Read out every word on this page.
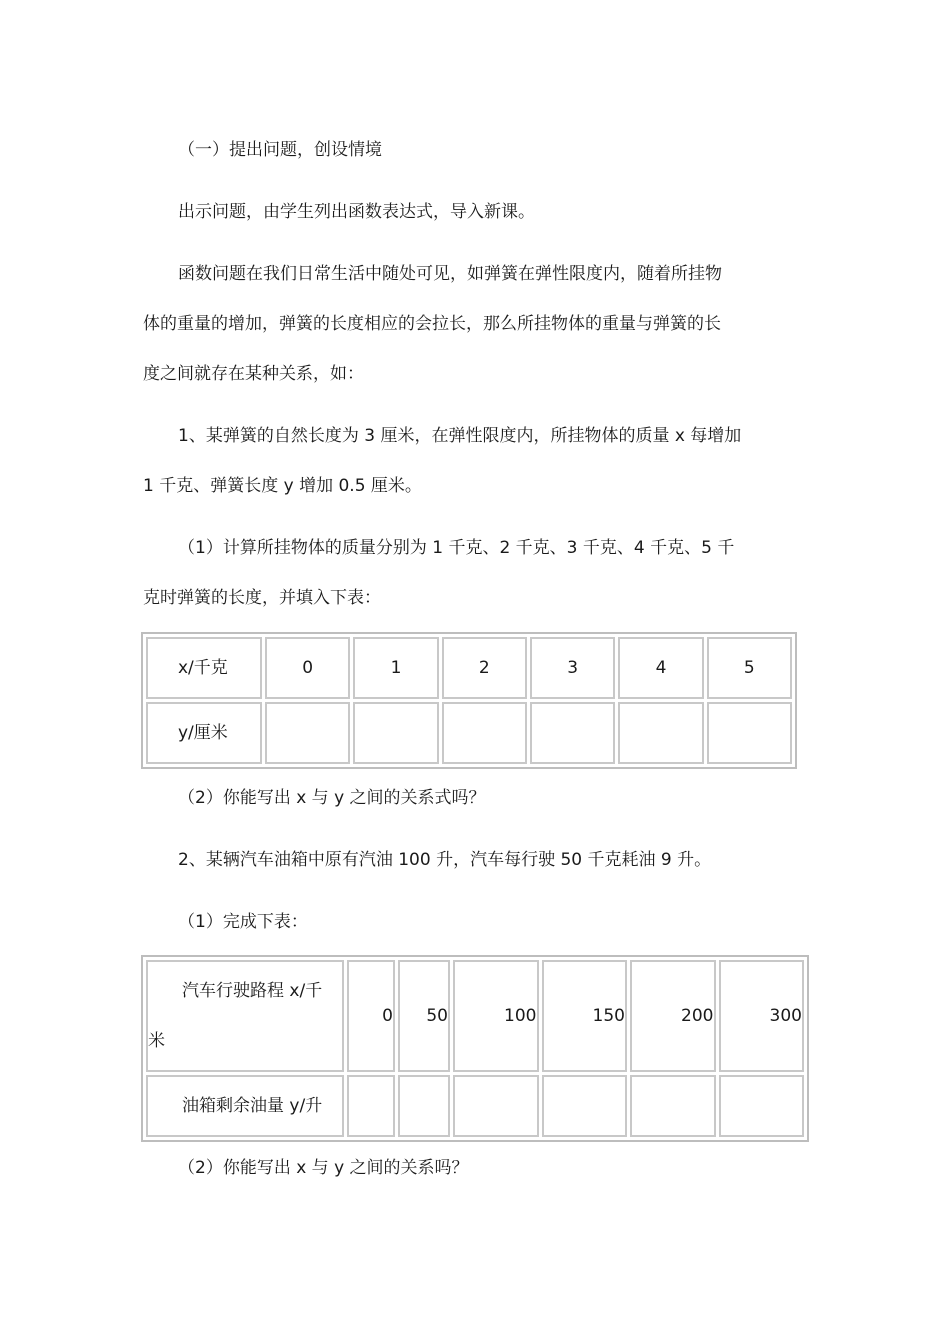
（一）提出问题，创设情境
出示问题，由学生列出函数表达式，导入新课。
函数问题在我们日常生活中随处可见，如弹簧在弹性限度内，随着所挂物
体的重量的增加，弹簧的长度相应的会拉长，那么所挂物体的重量与弹簧的长
度之间就存在某种关系，如：
1、某弹簧的自然长度为 3 厘米，在弹性限度内，所挂物体的质量 x 每增加
1 千克、弹簧长度 y 增加 0.5 厘米。
（1）计算所挂物体的质量分别为 1 千克、2 千克、3 千克、4 千克、5 千
克时弹簧的长度，并填入下表：
x/千克	0	1	2	3	4	5
y/厘米						
（2）你能写出 x 与 y 之间的关系式吗？
2、某辆汽车油箱中原有汽油 100 升，汽车每行驶 50 千克耗油 9 升。
（1）完成下表：
汽车行驶路程 x/千
米	0	50	100	150	200	300
油箱剩余油量 y/升						
（2）你能写出 x 与 y 之间的关系吗？
